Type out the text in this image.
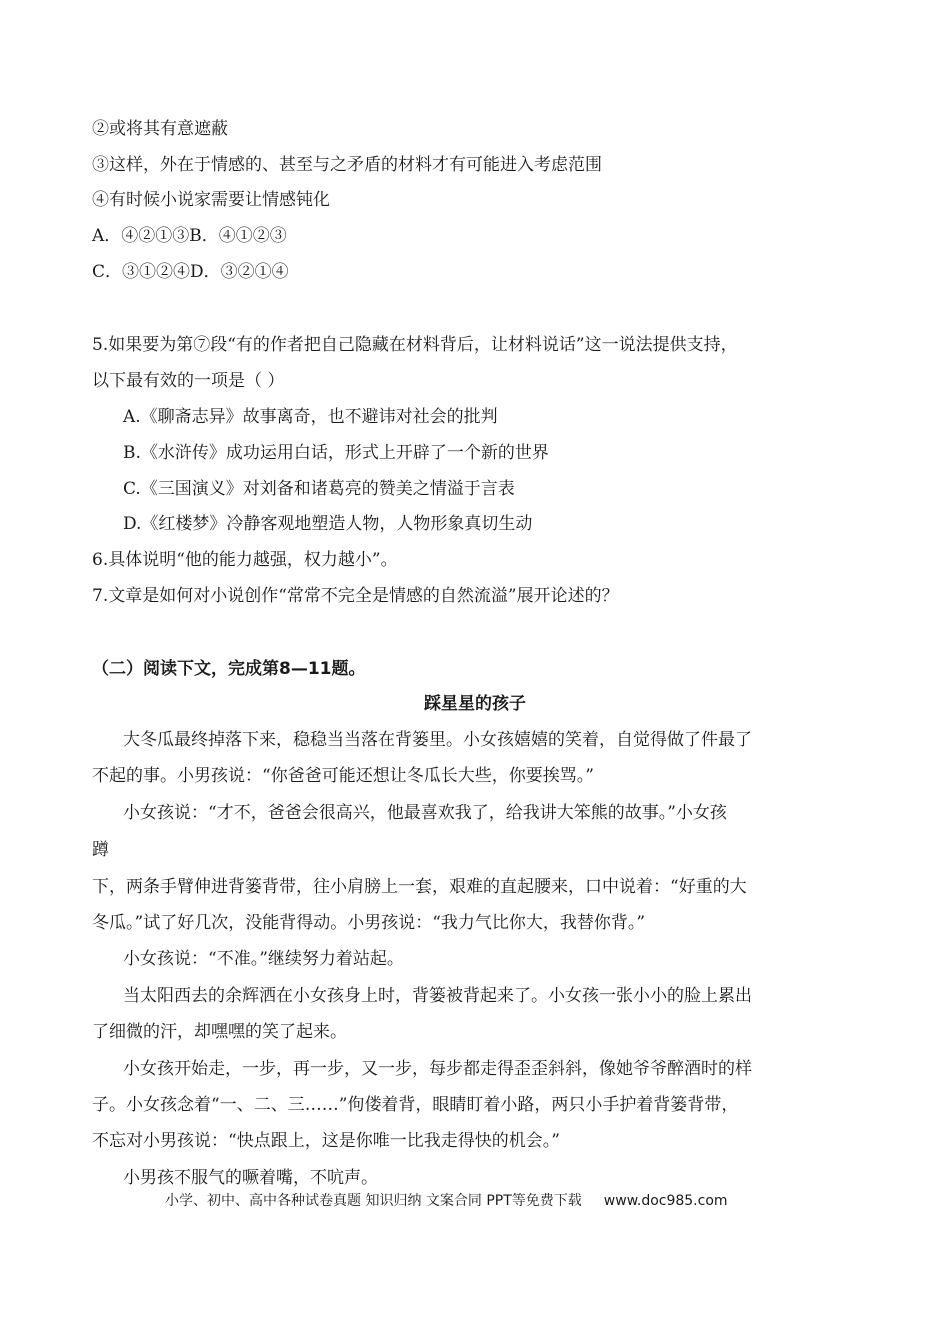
②或将其有意遮蔽
③这样，外在于情感的、甚至与之矛盾的材料才有可能进入考虑范围
④有时候小说家需要让情感钝化
A．④②①③B．④①②③
C．③①②④D．③②①④
5.如果要为第⑦段“有的作者把自己隐藏在材料背后，让材料说话”这一说法提供支持，
以下最有效的一项是（ ）
A.《聊斋志异》故事离奇，也不避讳对社会的批判
B.《水浒传》成功运用白话，形式上开辟了一个新的世界
C.《三国演义》对刘备和诸葛亮的赞美之情溢于言表
D.《红楼梦》冷静客观地塑造人物，人物形象真切生动
6.具体说明“他的能力越强，权力越小”。
7.文章是如何对小说创作“常常不完全是情感的自然流溢”展开论述的？
（二）阅读下文，完成第8—11题。
踩星星的孩子
大冬瓜最终掉落下来，稳稳当当落在背篓里。小女孩嬉嬉的笑着，自觉得做了件最了
不起的事。小男孩说：“你爸爸可能还想让冬瓜长大些，你要挨骂。”
小女孩说：“才不，爸爸会很高兴，他最喜欢我了，给我讲大笨熊的故事。”小女孩
蹲
下，两条手臂伸进背篓背带，往小肩膀上一套，艰难的直起腰来，口中说着：“好重的大
冬瓜。”试了好几次，没能背得动。小男孩说：“我力气比你大，我替你背。”
小女孩说：“不准。”继续努力着站起。
当太阳西去的余辉洒在小女孩身上时，背篓被背起来了。小女孩一张小小的脸上累出
了细微的汗，却嘿嘿的笑了起来。
小女孩开始走，一步，再一步，又一步，每步都走得歪歪斜斜，像她爷爷醉酒时的样
子。小女孩念着“一、二、三……”佝偻着背，眼睛盯着小路，两只小手护着背篓背带，
不忘对小男孩说：“快点跟上，这是你唯一比我走得快的机会。”
小男孩不服气的噘着嘴，不吭声。
小学、初中、高中各种试卷真题 知识归纳 文案合同 PPT等免费下载 www.doc985.com
